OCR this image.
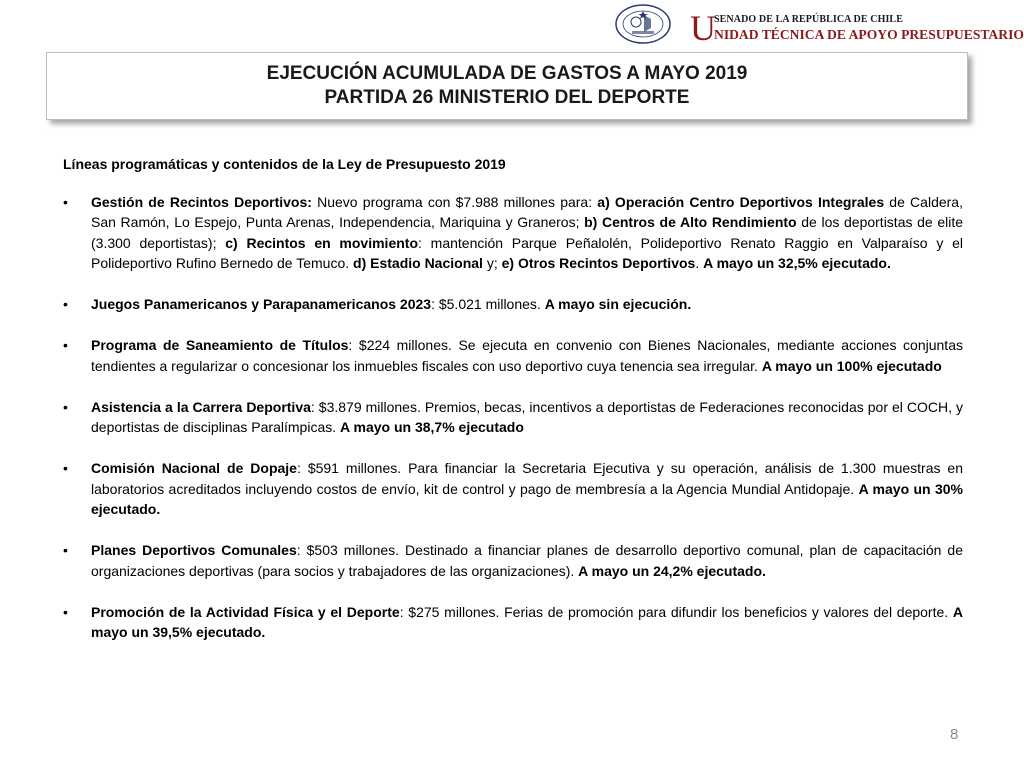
U
SENADO DE LA REPÚBLICA DE CHILE
NIDAD TÉCNICA DE APOYO PRESUPUESTARIO
EJECUCIÓN ACUMULADA DE GASTOS A MAYO 2019
PARTIDA 26 MINISTERIO DEL DEPORTE
Líneas programáticas y contenidos de la Ley de Presupuesto 2019
• Gestión de Recintos Deportivos: Nuevo programa con $7.988 millones para: a) Operación Centro Deportivos Integrales de Caldera, San Ramón, Lo Espejo, Punta Arenas, Independencia, Mariquina y Graneros; b) Centros de Alto Rendimiento de los deportistas de elite (3.300 deportistas); c) Recintos en movimiento: mantención Parque Peñalolén, Polideportivo Renato Raggio en Valparaíso y el Polideportivo Rufino Bernedo de Temuco. d) Estadio Nacional y; e) Otros Recintos Deportivos. A mayo un 32,5% ejecutado.
• Juegos Panamericanos y Parapanamericanos 2023: $5.021 millones. A mayo sin ejecución.
• Programa de Saneamiento de Títulos: $224 millones. Se ejecuta en convenio con Bienes Nacionales, mediante acciones conjuntas tendientes a regularizar o concesionar los inmuebles fiscales con uso deportivo cuya tenencia sea irregular. A mayo un 100% ejecutado
• Asistencia a la Carrera Deportiva: $3.879 millones. Premios, becas, incentivos a deportistas de Federaciones reconocidas por el COCH, y deportistas de disciplinas Paralímpicas. A mayo un 38,7% ejecutado
• Comisión Nacional de Dopaje: $591 millones. Para financiar la Secretaria Ejecutiva y su operación, análisis de 1.300 muestras en laboratorios acreditados incluyendo costos de envío, kit de control y pago de membresía a la Agencia Mundial Antidopaje. A mayo un 30% ejecutado.
• Planes Deportivos Comunales: $503 millones. Destinado a financiar planes de desarrollo deportivo comunal, plan de capacitación de organizaciones deportivas (para socios y trabajadores de las organizaciones). A mayo un 24,2% ejecutado.
• Promoción de la Actividad Física y el Deporte: $275 millones. Ferias de promoción para difundir los beneficios y valores del deporte. A mayo un 39,5% ejecutado.
8
